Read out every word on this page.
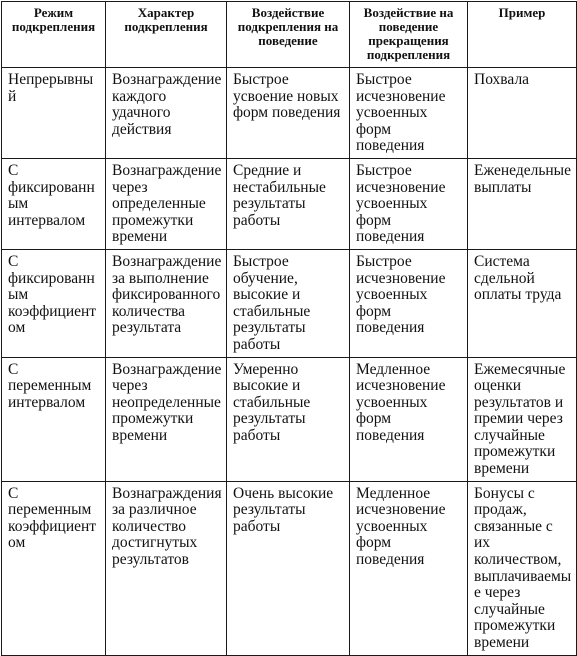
Режим подкрепления	Характер подкрепления	Воздействие подкрепления на поведение	Воздействие на поведение прекращения подкрепления	Пример
Непрерывный	Вознаграждение каждого удачного действия	Быстрое усвоение новых форм поведения	Быстрое исчезновение усвоенных форм поведения	Похвала
С фиксированным интервалом	Вознаграждение через определенные промежутки времени	Средние и нестабильные результаты работы	Быстрое исчезновение усвоенных форм поведения	Еженедельные выплаты
С фиксированным коэффициентом	Вознаграждение за выполнение фиксированного количества результата	Быстрое обучение, высокие и стабильные результаты работы	Быстрое исчезновение усвоенных форм поведения	Система сдельной оплаты труда
С переменным интервалом	Вознаграждение через неопределенные промежутки времени	Умеренно высокие и стабильные результаты работы	Медленное исчезновение усвоенных форм поведения	Ежемесячные оценки результатов и премии через случайные промежутки времени
С переменным коэффициентом	Вознаграждения за различное количество достигнутых результатов	Очень высокие результаты работы	Медленное исчезновение усвоенных форм поведения	Бонусы с продаж, связанные с их количеством, выплачиваемые через случайные промежутки времени
